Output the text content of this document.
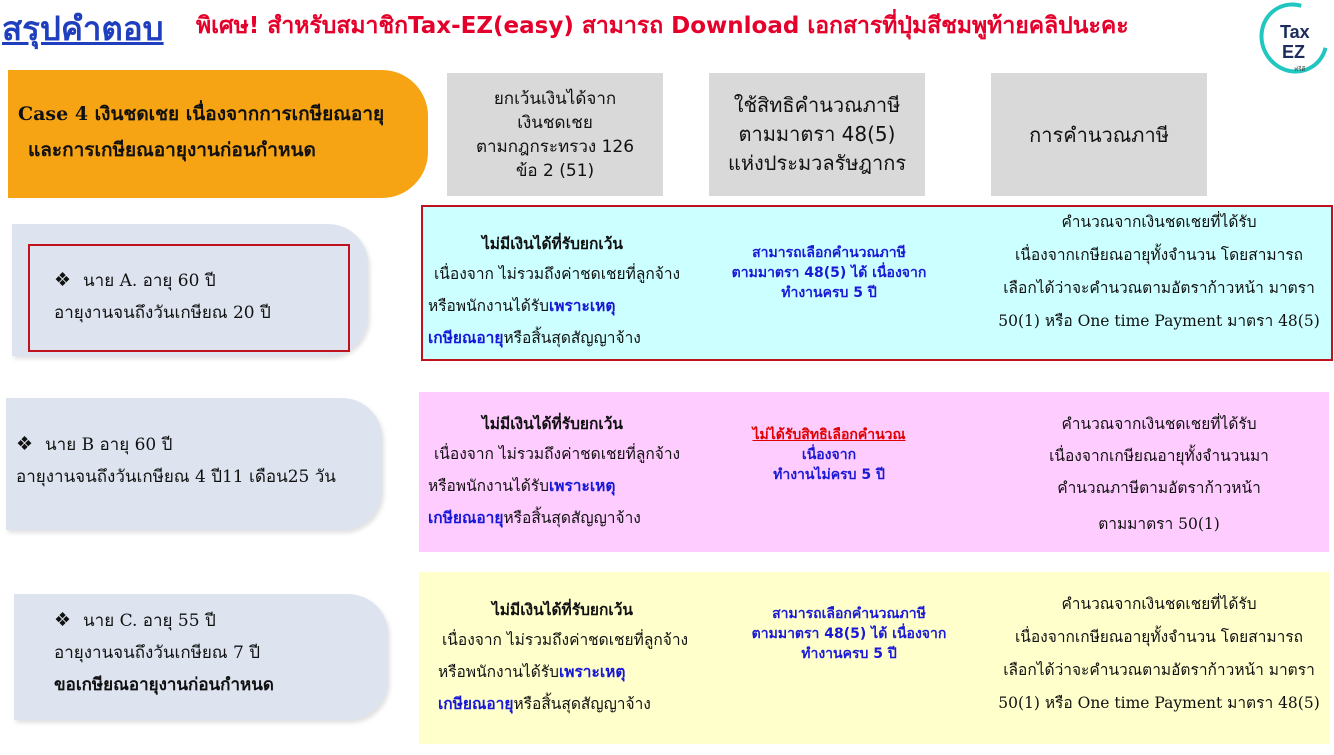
สรุปคำตอบ พิเศษ! สำหรับสมาชิกTax-EZ(easy) สามารถ Download เอกสารที่ปุ่มสีชมพูท้ายคลิปนะคะ	Tax
EZ
ฟรีดี
Case 4 เงินชดเชย เนื่องจากการเกษียณอายุ
และการเกษียณอายุงานก่อนกำหนด
ยกเว้นเงินได้จาก
เงินชดเชย
ตามกฎกระทรวง 126
ข้อ 2 (51)
ใช้สิทธิคำนวณภาษี
ตามมาตรา 48(5)
แห่งประมวลรัษฎากร
การคำนวณภาษี
❖ นาย A. อายุ 60 ปี
อายุงานจนถึงวันเกษียณ 20 ปี
❖ นาย B อายุ 60 ปี
อายุงานจนถึงวันเกษียณ 4 ปี11 เดือน25 วัน
❖ นาย C. อายุ 55 ปี
อายุงานจนถึงวันเกษียณ 7 ปี
ขอเกษียณอายุงานก่อนกำหนด
ไม่มีเงินได้ที่รับยกเว้น
เนื่องจาก ไม่รวมถึงค่าชดเชยที่ลูกจ้าง
หรือพนักงานได้รับเพราะเหตุ
เกษียณอายุหรือสิ้นสุดสัญญาจ้าง
สามารถเลือกคำนวณภาษี
ตามมาตรา 48(5) ได้ เนื่องจาก
ทำงานครบ 5 ปี
คำนวณจากเงินชดเชยที่ได้รับ
เนื่องจากเกษียณอายุทั้งจำนวน โดยสามารถ
เลือกได้ว่าจะคำนวณตามอัตราก้าวหน้า มาตรา
50(1) หรือ One time Payment มาตรา 48(5)
ไม่มีเงินได้ที่รับยกเว้น
เนื่องจาก ไม่รวมถึงค่าชดเชยที่ลูกจ้าง
หรือพนักงานได้รับเพราะเหตุ
เกษียณอายุหรือสิ้นสุดสัญญาจ้าง
ไม่ได้รับสิทธิเลือกคำนวณ
เนื่องจาก
ทำงานไม่ครบ 5 ปี
คำนวณจากเงินชดเชยที่ได้รับ
เนื่องจากเกษียณอายุทั้งจำนวนมา
คำนวณภาษีตามอัตราก้าวหน้า
ตามมาตรา 50(1)
ไม่มีเงินได้ที่รับยกเว้น
เนื่องจาก ไม่รวมถึงค่าชดเชยที่ลูกจ้าง
หรือพนักงานได้รับเพราะเหตุ
เกษียณอายุหรือสิ้นสุดสัญญาจ้าง
สามารถเลือกคำนวณภาษี
ตามมาตรา 48(5) ได้ เนื่องจาก
ทำงานครบ 5 ปี
คำนวณจากเงินชดเชยที่ได้รับ
เนื่องจากเกษียณอายุทั้งจำนวน โดยสามารถ
เลือกได้ว่าจะคำนวณตามอัตราก้าวหน้า มาตรา
50(1) หรือ One time Payment มาตรา 48(5)
